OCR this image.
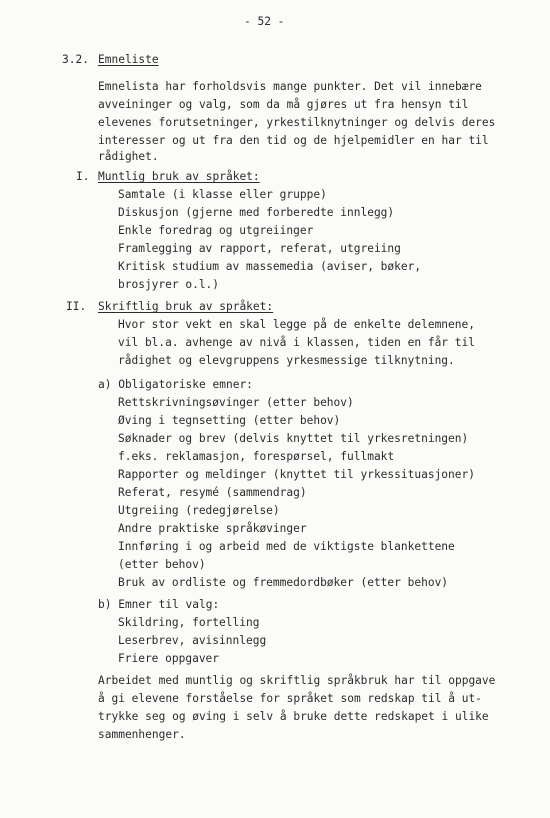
- 52 -
3.2. Emneliste
Emnelista har forholdsvis mange punkter. Det vil innebære
avveininger og valg, som da må gjøres ut fra hensyn til
elevenes forutsetninger, yrkestilknytninger og delvis deres
interesser og ut fra den tid og de hjelpemidler en har til
rådighet.
I. Muntlig bruk av språket:
Samtale (i klasse eller gruppe)
Diskusjon (gjerne med forberedte innlegg)
Enkle foredrag og utgreiinger
Framlegging av rapport, referat, utgreiing
Kritisk studium av massemedia (aviser, bøker,
brosjyrer o.l.)
II. Skriftlig bruk av språket:
Hvor stor vekt en skal legge på de enkelte delemnene,
vil bl.a. avhenge av nivå i klassen, tiden en får til
rådighet og elevgruppens yrkesmessige tilknytning.
a) Obligatoriske emner:
Rettskrivningsøvinger (etter behov)
Øving i tegnsetting (etter behov)
Søknader og brev (delvis knyttet til yrkesretningen)
f.eks. reklamasjon, forespørsel, fullmakt
Rapporter og meldinger (knyttet til yrkessituasjoner)
Referat, resymé (sammendrag)
Utgreiing (redegjørelse)
Andre praktiske språkøvinger
Innføring i og arbeid med de viktigste blankettene
(etter behov)
Bruk av ordliste og fremmedordbøker (etter behov)
b) Emner til valg:
Skildring, fortelling
Leserbrev, avisinnlegg
Friere oppgaver
Arbeidet med muntlig og skriftlig språkbruk har til oppgave
å gi elevene forståelse for språket som redskap til å ut-
trykke seg og øving i selv å bruke dette redskapet i ulike
sammenhenger.
